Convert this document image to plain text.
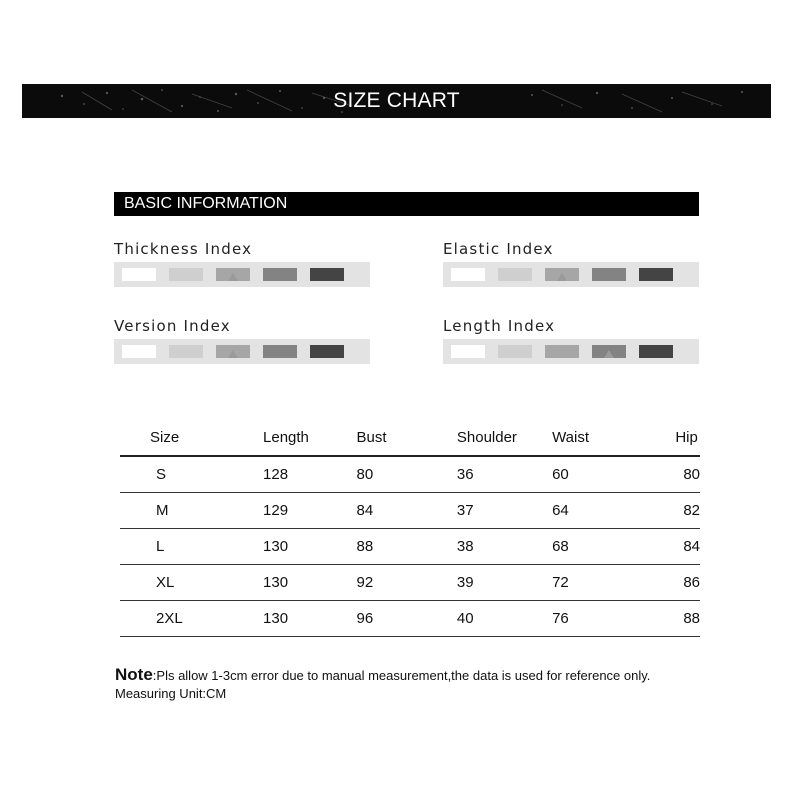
SIZE CHART
BASIC INFORMATION
Thickness Index	Elastic Index
Version Index	Length Index
Size	Length	Bust	Shoulder	Waist	Hip
S	128	80	36	60	80
M	129	84	37	64	82
L	130	88	38	68	84
XL	130	92	39	72	86
2XL	130	96	40	76	88
Note:Pls allow 1-3cm error due to manual measurement,the data is used for reference only.
Measuring Unit:CM
